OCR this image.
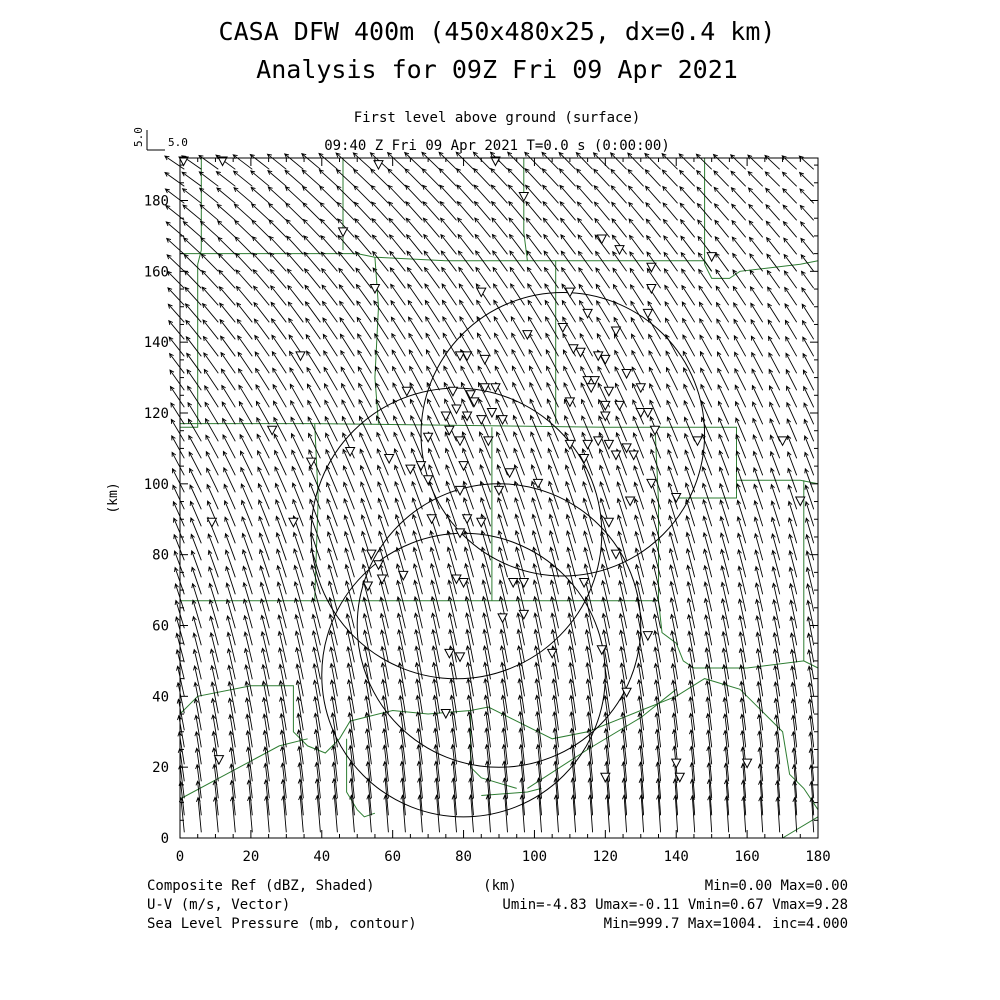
CASA DFW 400m (450x480x25, dx=0.4 km)
Analysis for 09Z Fri 09 Apr 2021
First level above ground (surface)
09:40 Z Fri 09 Apr 2021 T=0.0 s (0:00:00)
5.0 5.0
0	20	40	60	80	100	120	140	160	180
0
20
40
60
80
100
120
140
160
180
(km)
(km)
Composite Ref (dBZ, Shaded)	Min=0.00 Max=0.00
U-V (m/s, Vector)	Umin=-4.83 Umax=-0.11 Vmin=0.67 Vmax=9.28
Sea Level Pressure (mb, contour)	Min=999.7 Max=1004. inc=4.000
